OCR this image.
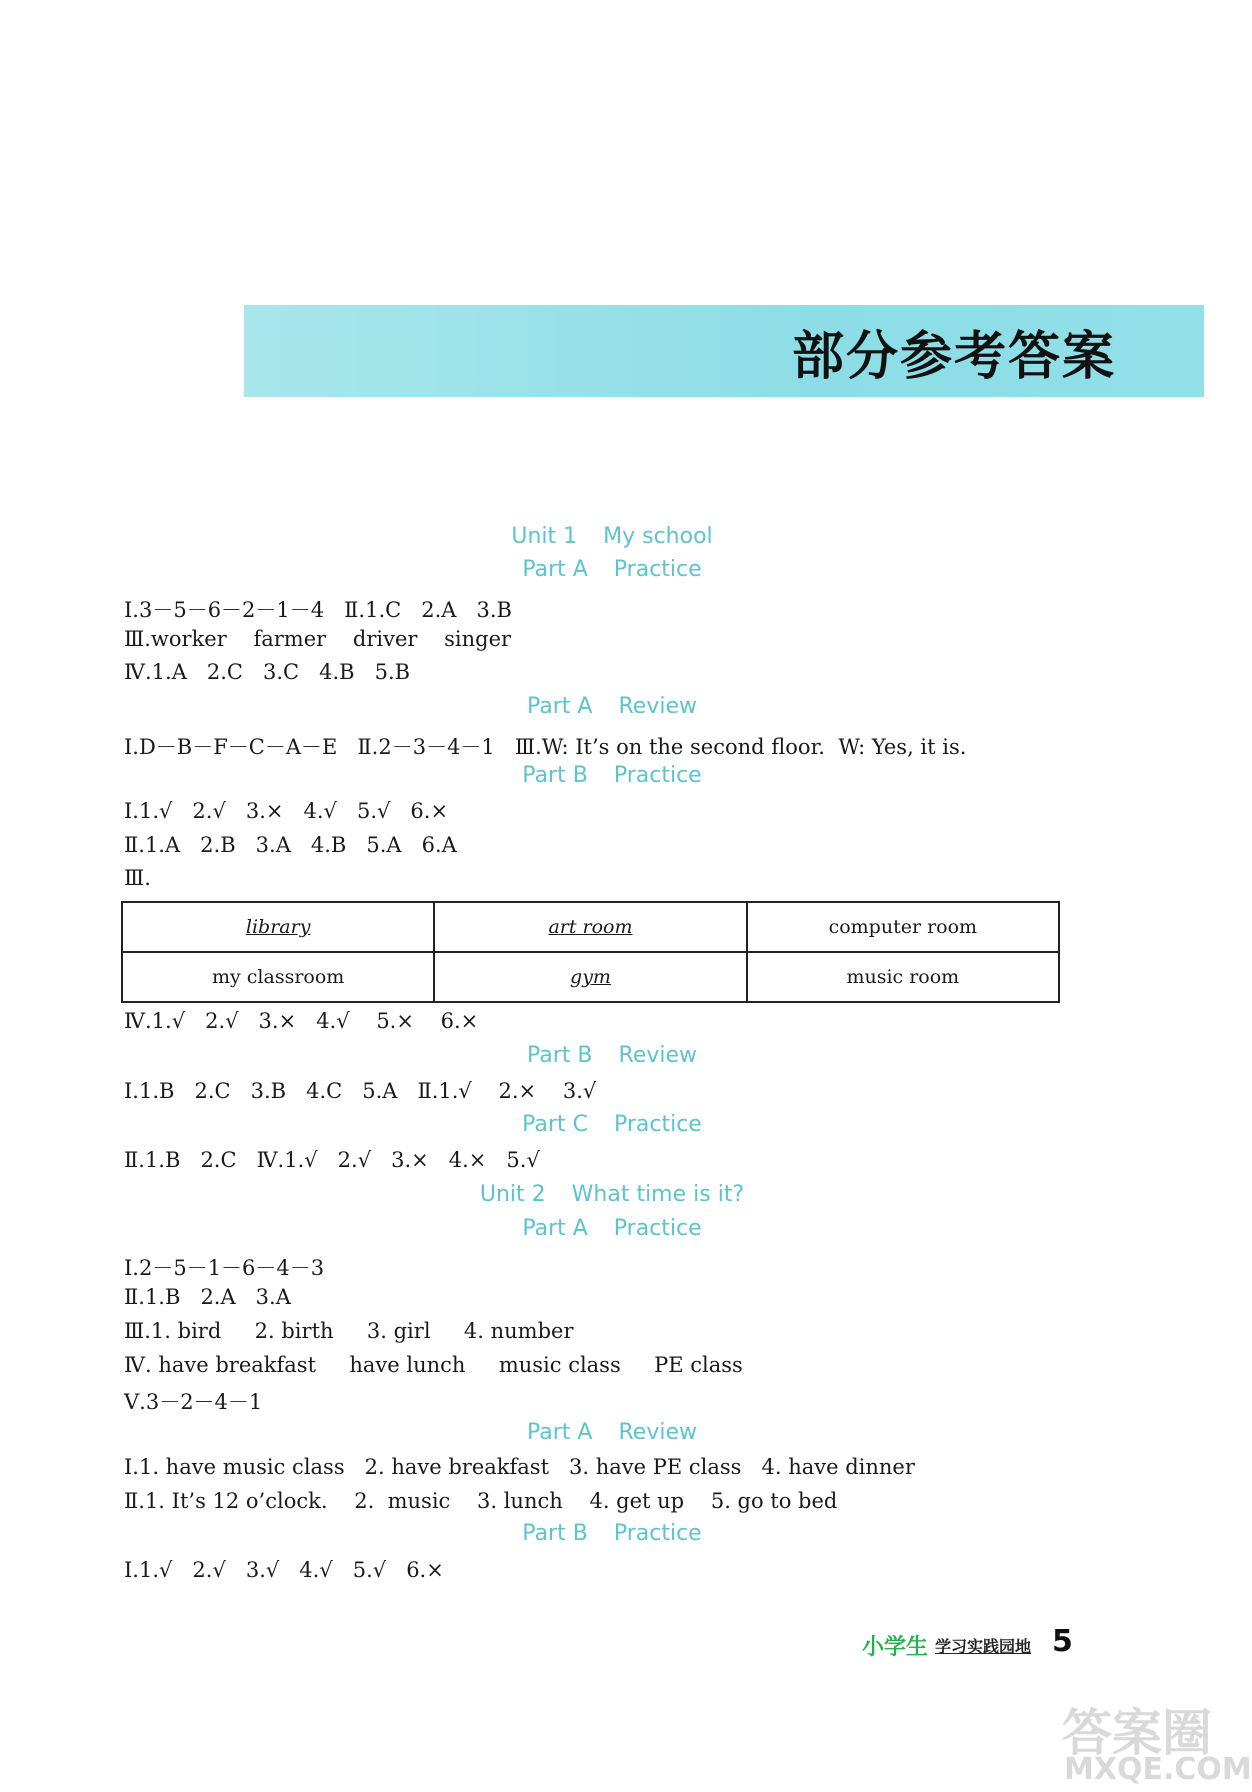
部分参考答案
Unit 1 My school
Part A Practice
Ⅰ.3－5－6－2－1－4   Ⅱ.1.C   2.A   3.B
Ⅲ.worker    farmer    driver    singer
Ⅳ.1.A   2.C   3.C   4.B   5.B
Part A Review
Ⅰ.D－B－F－C－A－E   Ⅱ.2－3－4－1   Ⅲ.W: It’s on the second floor.  W: Yes, it is.
Part B Practice
Ⅰ.1.√   2.√   3.×   4.√   5.√   6.×
Ⅱ.1.A   2.B   3.A   4.B   5.A   6.A
Ⅲ.
library	art room	computer room
my classroom	gym	music room
Ⅳ.1.√   2.√   3.×   4.√    5.×    6.×
Part B Review
Ⅰ.1.B   2.C   3.B   4.C   5.A   Ⅱ.1.√    2.×    3.√
Part C Practice
Ⅱ.1.B   2.C   Ⅳ.1.√   2.√   3.×   4.×   5.√
Unit 2 What time is it?
Part A Practice
Ⅰ.2－5－1－6－4－3
Ⅱ.1.B   2.A   3.A
Ⅲ.1. bird     2. birth     3. girl     4. number
Ⅳ. have breakfast     have lunch     music class     PE class
Ⅴ.3－2－4－1
Part A Review
Ⅰ.1. have music class   2. have breakfast   3. have PE class   4. have dinner
Ⅱ.1. It’s 12 o’clock.    2.  music    3. lunch    4. get up    5. go to bed
Part B Practice
Ⅰ.1.√   2.√   3.√   4.√   5.√   6.×
小学生 学习实践园地 5
答案圈
MXQE.COM
